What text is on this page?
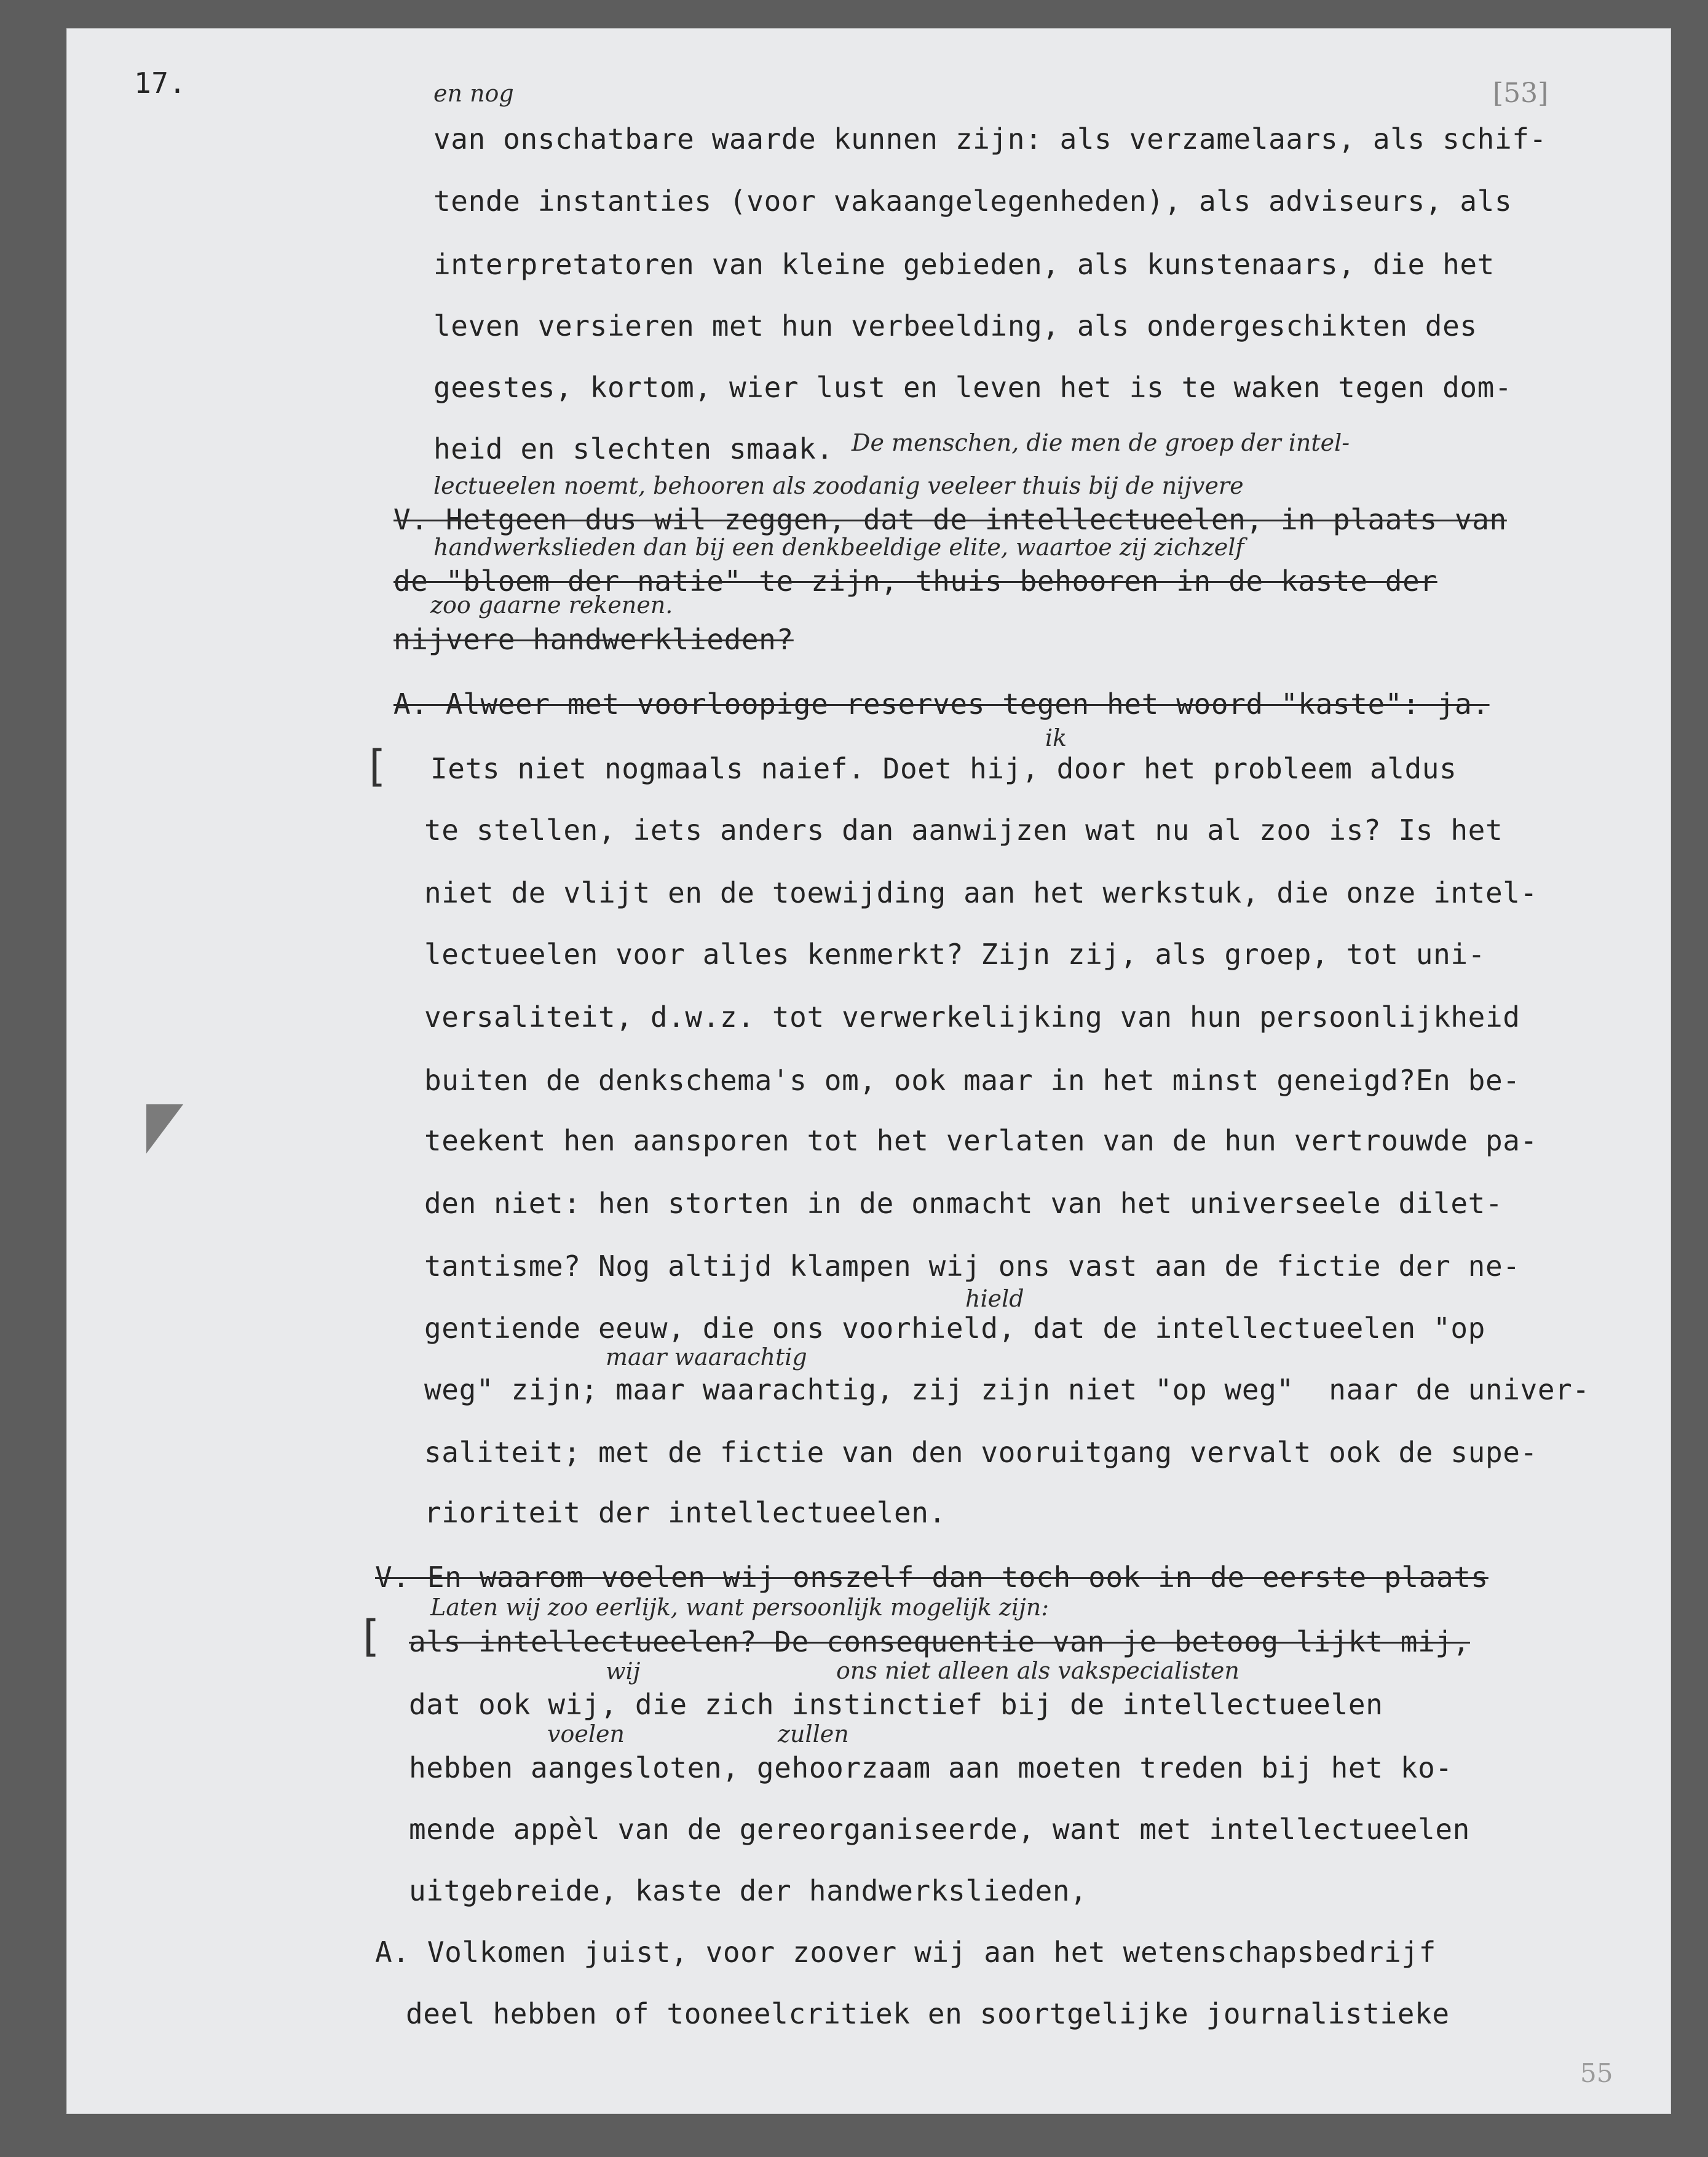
17.	[53]
van onschatbare waarde kunnen zijn: als verzamelaars, als schif-
tende instanties (voor vakaangelegenheden), als adviseurs, als
interpretatoren van kleine gebieden, als kunstenaars, die het
leven versieren met hun verbeelding, als ondergeschikten des
geestes, kortom, wier lust en leven het is te waken tegen dom-
heid en slechten smaak.
V. Hetgeen dus wil zeggen, dat de intellectueelen, in plaats van
de "bloem der natie" te zijn, thuis behooren in de kaste der
nijvere handwerklieden?
A. Alweer met voorloopige reserves tegen het woord "kaste": ja.
Iets niet nogmaals naief. Doet hij, door het probleem aldus
te stellen, iets anders dan aanwijzen wat nu al zoo is? Is het
niet de vlijt en de toewijding aan het werkstuk, die onze intel-
lectueelen voor alles kenmerkt? Zijn zij, als groep, tot uni-
versaliteit, d.w.z. tot verwerkelijking van hun persoonlijkheid
buiten de denkschema's om, ook maar in het minst geneigd?En be-
teekent hen aansporen tot het verlaten van de hun vertrouwde pa-
den niet: hen storten in de onmacht van het universeele dilet-
tantisme? Nog altijd klampen wij ons vast aan de fictie der ne-
gentiende eeuw, die ons voorhield, dat de intellectueelen "op
weg" zijn; maar waarachtig, zij zijn niet "op weg"  naar de univer-
saliteit; met de fictie van den vooruitgang vervalt ook de supe-
rioriteit der intellectueelen.
V. En waarom voelen wij onszelf dan toch ook in de eerste plaats
als intellectueelen? De consequentie van je betoog lijkt mij,
dat ook wij, die zich instinctief bij de intellectueelen
hebben aangesloten, gehoorzaam aan moeten treden bij het ko-
mende appèl van de gereorganiseerde, want met intellectueelen
uitgebreide, kaste der handwerkslieden,
A. Volkomen juist, voor zoover wij aan het wetenschapsbedrijf
deel hebben of tooneelcritiek en soortgelijke journalistieke
en nog
De menschen, die men de groep der intel-
lectueelen noemt, behooren als zoodanig veeleer thuis bij de nijvere
handwerkslieden dan bij een denkbeeldige elite, waartoe zij zichzelf
zoo gaarne rekenen.
ik
hield
maar waarachtig
Laten wij zoo eerlijk, want persoonlijk mogelijk zijn:
ons niet alleen als vakspecialisten
wij
voelen	zullen
[
[
55
